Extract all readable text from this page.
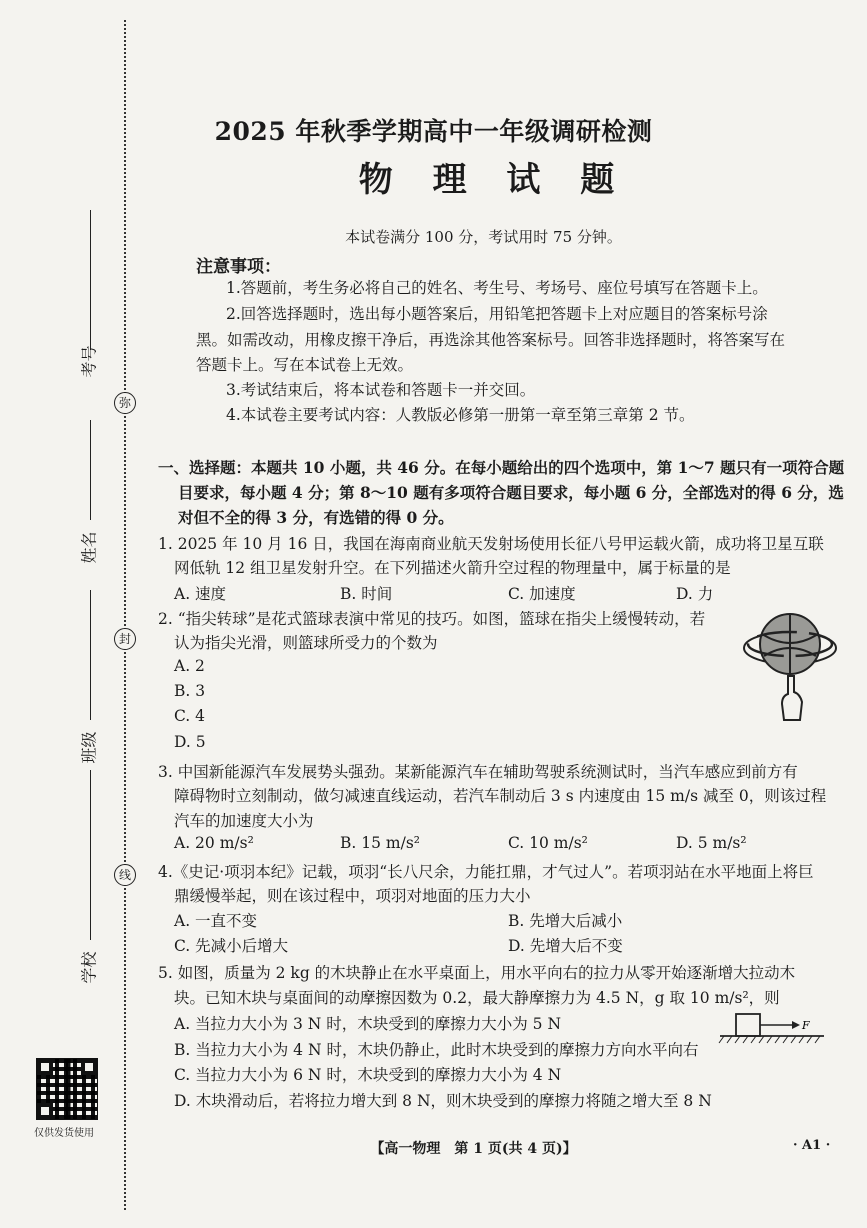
考号
弥
姓名
封
班级
线
学校
仅供发货使用
2025 年秋季学期高中一年级调研检测
物 理 试 题
本试卷满分 100 分，考试用时 75 分钟。
注意事项：
1.答题前，考生务必将自己的姓名、考生号、考场号、座位号填写在答题卡上。
2.回答选择题时，选出每小题答案后，用铅笔把答题卡上对应题目的答案标号涂
黑。如需改动，用橡皮擦干净后，再选涂其他答案标号。回答非选择题时，将答案写在
答题卡上。写在本试卷上无效。
3.考试结束后，将本试卷和答题卡一并交回。
4.本试卷主要考试内容：人教版必修第一册第一章至第三章第 2 节。
一、选择题：本题共 10 小题，共 46 分。在每小题给出的四个选项中，第 1～7 题只有一项符合题
目要求，每小题 4 分；第 8～10 题有多项符合题目要求，每小题 6 分，全部选对的得 6 分，选
对但不全的得 3 分，有选错的得 0 分。
1. 2025 年 10 月 16 日，我国在海南商业航天发射场使用长征八号甲运载火箭，成功将卫星互联
网低轨 12 组卫星发射升空。在下列描述火箭升空过程的物理量中，属于标量的是
A. 速度	B. 时间	C. 加速度	D. 力
2. “指尖转球”是花式篮球表演中常见的技巧。如图，篮球在指尖上缓慢转动，若
认为指尖光滑，则篮球所受力的个数为
A. 2
B. 3
C. 4
D. 5
3. 中国新能源汽车发展势头强劲。某新能源汽车在辅助驾驶系统测试时，当汽车感应到前方有
障碍物时立刻制动，做匀减速直线运动，若汽车制动后 3 s 内速度由 15 m/s 减至 0，则该过程
汽车的加速度大小为
A. 20 m/s²	B. 15 m/s²	C. 10 m/s²	D. 5 m/s²
4.《史记·项羽本纪》记载，项羽“长八尺余，力能扛鼎，才气过人”。若项羽站在水平地面上将巨
鼎缓慢举起，则在该过程中，项羽对地面的压力大小
A. 一直不变	B. 先增大后减小
C. 先减小后增大	D. 先增大后不变
5. 如图，质量为 2 kg 的木块静止在水平桌面上，用水平向右的拉力从零开始逐渐增大拉动木
块。已知木块与桌面间的动摩擦因数为 0.2，最大静摩擦力为 4.5 N，g 取 10 m/s²，则
A. 当拉力大小为 3 N 时，木块受到的摩擦力大小为 5 N
B. 当拉力大小为 4 N 时，木块仍静止，此时木块受到的摩擦力方向水平向右
C. 当拉力大小为 6 N 时，木块受到的摩擦力大小为 4 N
D. 木块滑动后，若将拉力增大到 8 N，则木块受到的摩擦力将随之增大至 8 N
F
【高一物理　第 1 页(共 4 页)】	· A1 ·
